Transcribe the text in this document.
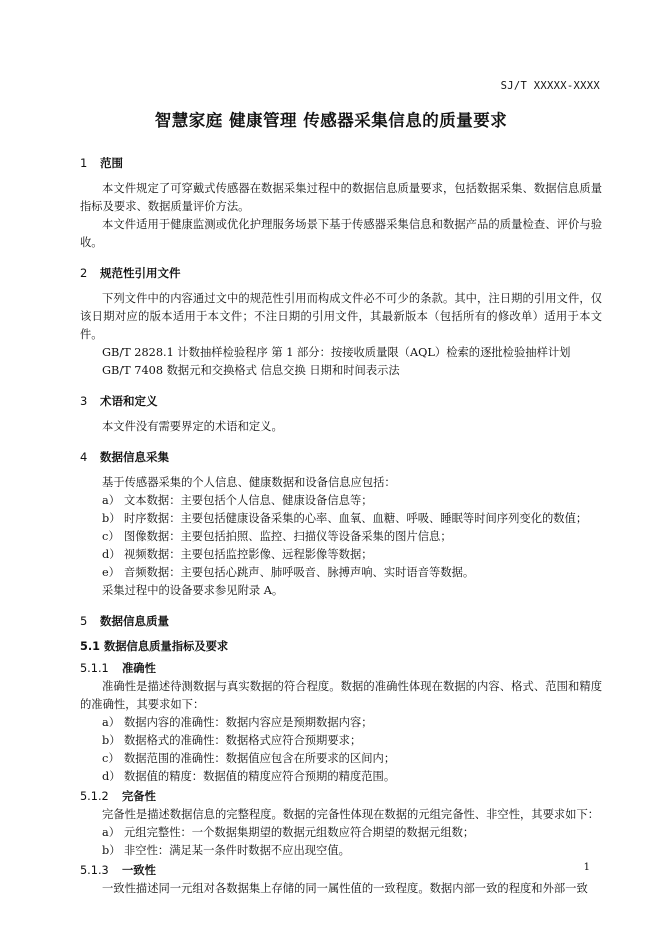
SJ/T XXXXX-XXXX
智慧家庭 健康管理 传感器采集信息的质量要求
1 范围

本文件规定了可穿戴式传感器在数据采集过程中的数据信息质量要求，包括数据采集、数据信息质量指标及要求、数据质量评价方法。

本文件适用于健康监测或优化护理服务场景下基于传感器采集信息和数据产品的质量检查、评价与验收。

2 规范性引用文件

下列文件中的内容通过文中的规范性引用而构成文件必不可少的条款。其中，注日期的引用文件，仅该日期对应的版本适用于本文件；不注日期的引用文件，其最新版本（包括所有的修改单）适用于本文件。

GB/T 2828.1 计数抽样检验程序 第 1 部分：按接收质量限（AQL）检索的逐批检验抽样计划
GB/T 7408 数据元和交换格式 信息交换 日期和时间表示法
3 术语和定义

本文件没有需要界定的术语和定义。

4 数据信息采集

基于传感器采集的个人信息、健康数据和设备信息应包括：

a） 文本数据：主要包括个人信息、健康设备信息等；
b） 时序数据：主要包括健康设备采集的心率、血氧、血糖、呼吸、睡眠等时间序列变化的数值；
c） 图像数据：主要包括拍照、监控、扫描仪等设备采集的图片信息；
d） 视频数据：主要包括监控影像、远程影像等数据；
e） 音频数据：主要包括心跳声、肺呼吸音、脉搏声响、实时语音等数据。

采集过程中的设备要求参见附录 A。

5 数据信息质量
5.1 数据信息质量指标及要求
5.1.1 准确性

准确性是描述待测数据与真实数据的符合程度。数据的准确性体现在数据的内容、格式、范围和精度的准确性，其要求如下：

a） 数据内容的准确性：数据内容应是预期数据内容；
b） 数据格式的准确性：数据格式应符合预期要求；
c） 数据范围的准确性：数据值应包含在所要求的区间内；
d） 数据值的精度：数据值的精度应符合预期的精度范围。
5.1.2 完备性

完备性是描述数据信息的完整程度。数据的完备性体现在数据的元组完备性、非空性，其要求如下：

a） 元组完整性：一个数据集期望的数据元组数应符合期望的数据元组数；
b） 非空性：满足某一条件时数据不应出现空值。
5.1.3 一致性

一致性描述同一元组对各数据集上存储的同一属性值的一致程度。数据内部一致的程度和外部一致

1
